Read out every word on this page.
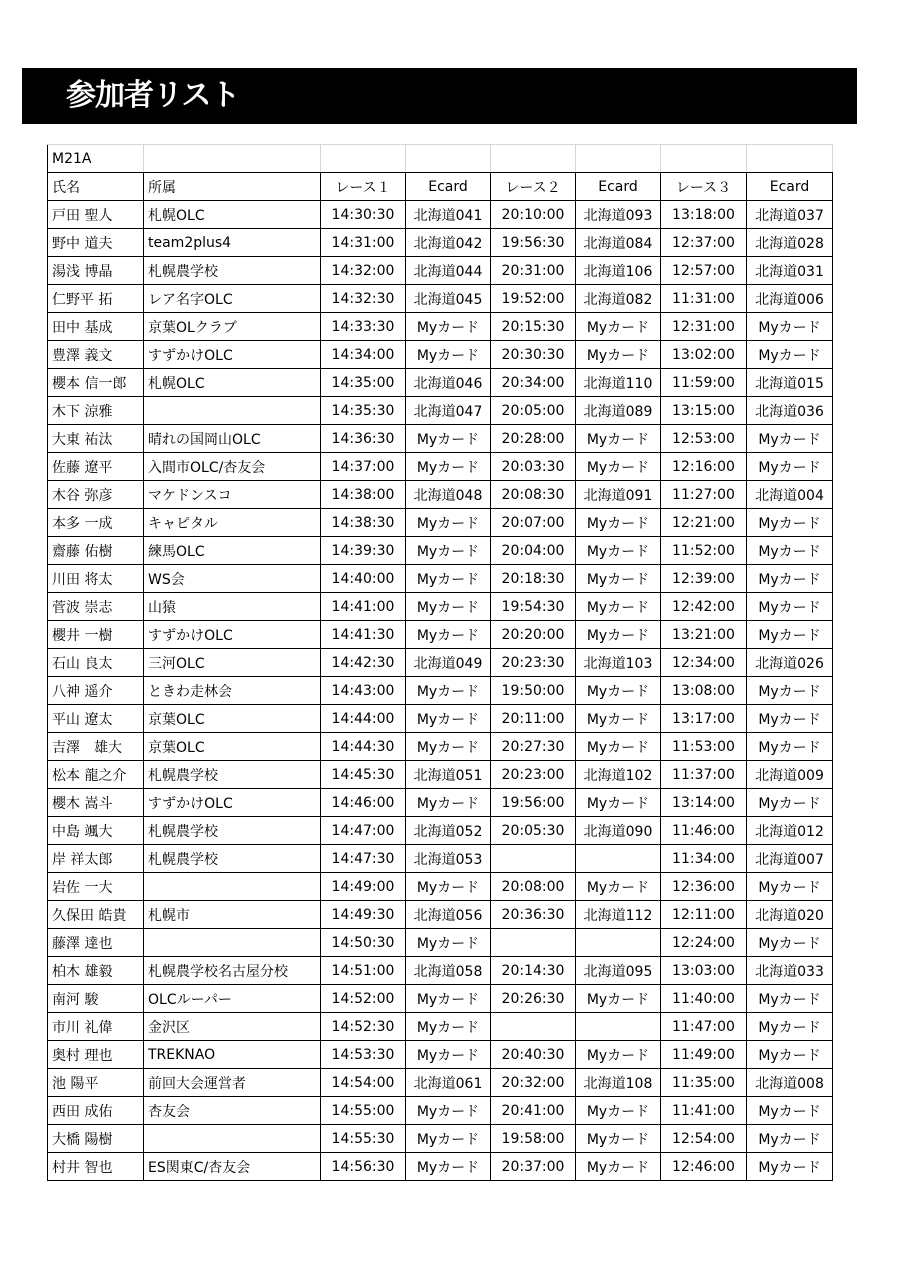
参加者リスト
M21A							
氏名	所属	レース１	Ecard	レース２	Ecard	レース３	Ecard
戸田 聖人	札幌OLC	14:30:30	北海道041	20:10:00	北海道093	13:18:00	北海道037
野中 道夫	team2plus4	14:31:00	北海道042	19:56:30	北海道084	12:37:00	北海道028
湯浅 博晶	札幌農学校	14:32:00	北海道044	20:31:00	北海道106	12:57:00	北海道031
仁野平 拓	レア名字OLC	14:32:30	北海道045	19:52:00	北海道082	11:31:00	北海道006
田中 基成	京葉OLクラブ	14:33:30	Myカード	20:15:30	Myカード	12:31:00	Myカード
豊澤 義文	すずかけOLC	14:34:00	Myカード	20:30:30	Myカード	13:02:00	Myカード
櫻本 信一郎	札幌OLC	14:35:00	北海道046	20:34:00	北海道110	11:59:00	北海道015
木下 涼雅		14:35:30	北海道047	20:05:00	北海道089	13:15:00	北海道036
大東 祐汰	晴れの国岡山OLC	14:36:30	Myカード	20:28:00	Myカード	12:53:00	Myカード
佐藤 遼平	入間市OLC/杏友会	14:37:00	Myカード	20:03:30	Myカード	12:16:00	Myカード
木谷 弥彦	マケドンスコ	14:38:00	北海道048	20:08:30	北海道091	11:27:00	北海道004
本多 一成	キャピタル	14:38:30	Myカード	20:07:00	Myカード	12:21:00	Myカード
齋藤 佑樹	練馬OLC	14:39:30	Myカード	20:04:00	Myカード	11:52:00	Myカード
川田 将太	WS会	14:40:00	Myカード	20:18:30	Myカード	12:39:00	Myカード
菅波 崇志	山猿	14:41:00	Myカード	19:54:30	Myカード	12:42:00	Myカード
櫻井 一樹	すずかけOLC	14:41:30	Myカード	20:20:00	Myカード	13:21:00	Myカード
石山 良太	三河OLC	14:42:30	北海道049	20:23:30	北海道103	12:34:00	北海道026
八神 遥介	ときわ走林会	14:43:00	Myカード	19:50:00	Myカード	13:08:00	Myカード
平山 遼太	京葉OLC	14:44:00	Myカード	20:11:00	Myカード	13:17:00	Myカード
吉澤　雄大	京葉OLC	14:44:30	Myカード	20:27:30	Myカード	11:53:00	Myカード
松本 龍之介	札幌農学校	14:45:30	北海道051	20:23:00	北海道102	11:37:00	北海道009
櫻木 嵩斗	すずかけOLC	14:46:00	Myカード	19:56:00	Myカード	13:14:00	Myカード
中島 颯大	札幌農学校	14:47:00	北海道052	20:05:30	北海道090	11:46:00	北海道012
岸 祥太郎	札幌農学校	14:47:30	北海道053			11:34:00	北海道007
岩佐 一大		14:49:00	Myカード	20:08:00	Myカード	12:36:00	Myカード
久保田 皓貴	札幌市	14:49:30	北海道056	20:36:30	北海道112	12:11:00	北海道020
藤澤 達也		14:50:30	Myカード			12:24:00	Myカード
柏木 雄毅	札幌農学校名古屋分校	14:51:00	北海道058	20:14:30	北海道095	13:03:00	北海道033
南河 駿	OLCルーパー	14:52:00	Myカード	20:26:30	Myカード	11:40:00	Myカード
市川 礼偉	金沢区	14:52:30	Myカード			11:47:00	Myカード
奥村 理也	TREKNAO	14:53:30	Myカード	20:40:30	Myカード	11:49:00	Myカード
池 陽平	前回大会運営者	14:54:00	北海道061	20:32:00	北海道108	11:35:00	北海道008
西田 成佑	杏友会	14:55:00	Myカード	20:41:00	Myカード	11:41:00	Myカード
大橋 陽樹		14:55:30	Myカード	19:58:00	Myカード	12:54:00	Myカード
村井 智也	ES関東C/杏友会	14:56:30	Myカード	20:37:00	Myカード	12:46:00	Myカード
